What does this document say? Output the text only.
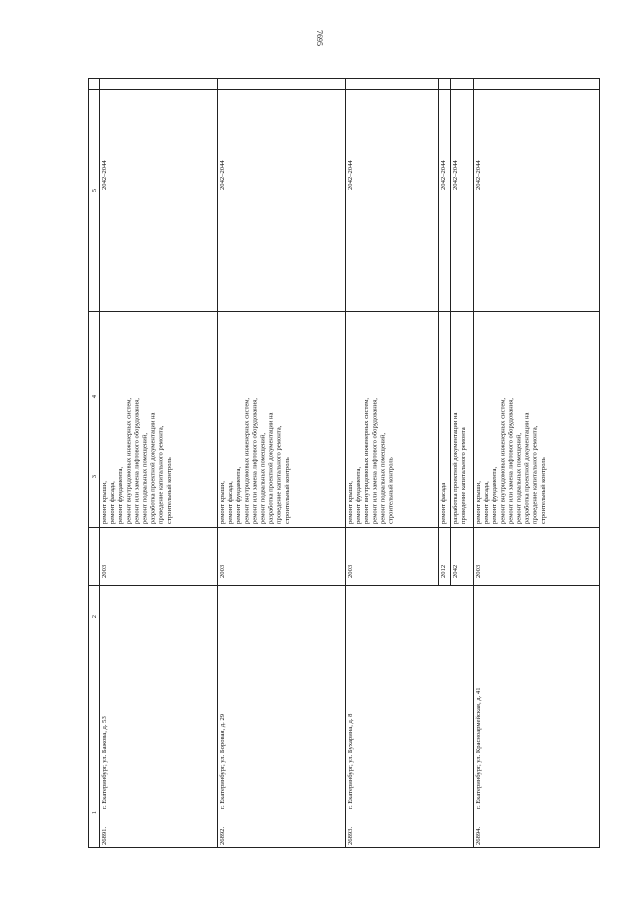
7695
1
2
3
4
5
26891.
г. Екатеринбург, ул. Бажова, д. 53
2003
ремонт крыши,
ремонт фасада,
ремонт фундамента,
ремонт внутридомовых инженерных систем,
ремонт или замена лифтового оборудования,
ремонт подвальных помещений,
разработка проектной документации на
проведение капитального ремонта,
строительный контроль
2042–2044
26892.
г. Екатеринбург, ул. Боровая, д. 29
2003
ремонт крыши,
ремонт фасада,
ремонт фундамента,
ремонт внутридомовых инженерных систем,
ремонт или замена лифтового оборудования,
ремонт подвальных помещений,
разработка проектной документации на
проведение капитального ремонта,
строительный контроль
2042–2044
26893.
г. Екатеринбург, ул. Бухарина, д. 8
2003
ремонт крыши,
ремонт фундамента,
ремонт внутридомовых инженерных систем,
ремонт или замена лифтового оборудования,
ремонт подвальных помещений,
строительный контроль
2042–2044
2012
ремонт фасада
2042–2044
2042
разработка проектной документации на
проведение капитального ремонта
2042–2044
26894.
г. Екатеринбург, ул. Красноармейская, д. 41
2003
ремонт крыши,
ремонт фасада,
ремонт фундамента,
ремонт внутридомовых инженерных систем,
ремонт или замена лифтового оборудования,
ремонт подвальных помещений,
разработка проектной документации на
проведение капитального ремонта,
строительный контроль
2042–2044
